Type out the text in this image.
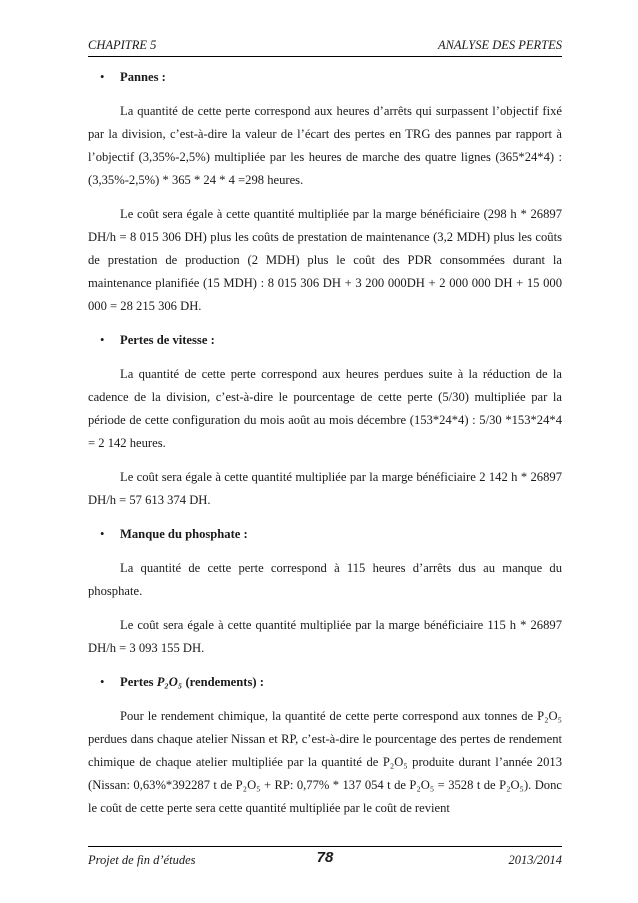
CHAPITRE 5	ANALYSE DES PERTES
• Pannes :

La quantité de cette perte correspond aux heures d’arrêts qui surpassent l’objectif fixé par la division, c’est-à-dire la valeur de l’écart des pertes en TRG des pannes par rapport à l’objectif (3,35%-2,5%) multipliée par les heures de marche des quatre lignes (365*24*4) : (3,35%-2,5%) * 365 * 24 * 4 =298 heures.

Le coût sera égale à cette quantité multipliée par la marge bénéficiaire (298 h * 26897 DH/h = 8 015 306 DH) plus les coûts de prestation de maintenance (3,2 MDH) plus les coûts de prestation de production (2 MDH) plus le coût des PDR consommées durant la maintenance planifiée (15 MDH) : 8 015 306 DH + 3 200 000DH + 2 000 000 DH + 15 000 000 = 28 215 306 DH.

• Pertes de vitesse :

La quantité de cette perte correspond aux heures perdues suite à la réduction de la cadence de la division, c’est-à-dire le pourcentage de cette perte (5/30) multipliée par la période de cette configuration du mois août au mois décembre (153*24*4) : 5/30 *153*24*4 = 2 142 heures.

Le coût sera égale à cette quantité multipliée par la marge bénéficiaire 2 142 h * 26897 DH/h = 57 613 374 DH.

• Manque du phosphate :

La quantité de cette perte correspond à 115 heures d’arrêts dus au manque du phosphate.

Le coût sera égale à cette quantité multipliée par la marge bénéficiaire 115 h * 26897 DH/h = 3 093 155 DH.

• Pertes P₂O₅ (rendements) :

Pour le rendement chimique, la quantité de cette perte correspond aux tonnes de P₂O₅ perdues dans chaque atelier Nissan et RP, c’est-à-dire le pourcentage des pertes de rendement chimique de chaque atelier multipliée par la quantité de P₂O₅ produite durant l’année 2013 (Nissan: 0,63%*392287 t de P₂O₅ + RP: 0,77% * 137 054 t de P₂O₅ = 3528 t de P₂O₅). Donc le coût de cette perte sera cette quantité multipliée par le coût de revient

Projet de fin d’études	78	2013/2014
